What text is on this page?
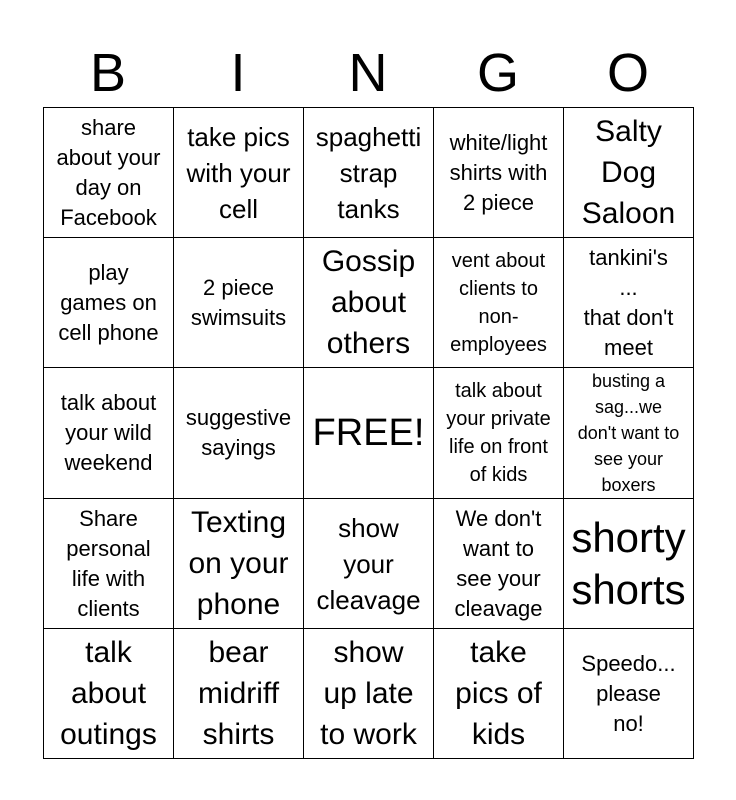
B	I	N	G	O
share
about your
day on
Facebook	take pics
with your
cell	spaghetti
strap
tanks	white/light
shirts with
2 piece	Salty
Dog
Saloon

play
games on
cell phone	2 piece
swimsuits	Gossip
about
others	vent about
clients to
non-
employees	tankini's
...
that don't
meet

talk about
your wild
weekend	suggestive
sayings	FREE!	talk about
your private
life on front
of kids	busting a
sag...we
don't want to
see your
boxers

Share
personal
life with
clients	Texting
on your
phone	show
your
cleavage	We don't
want to
see your
cleavage	shorty
shorts

talk
about
outings	bear
midriff
shirts	show
up late
to work	take
pics of
kids	Speedo...
please
no!
